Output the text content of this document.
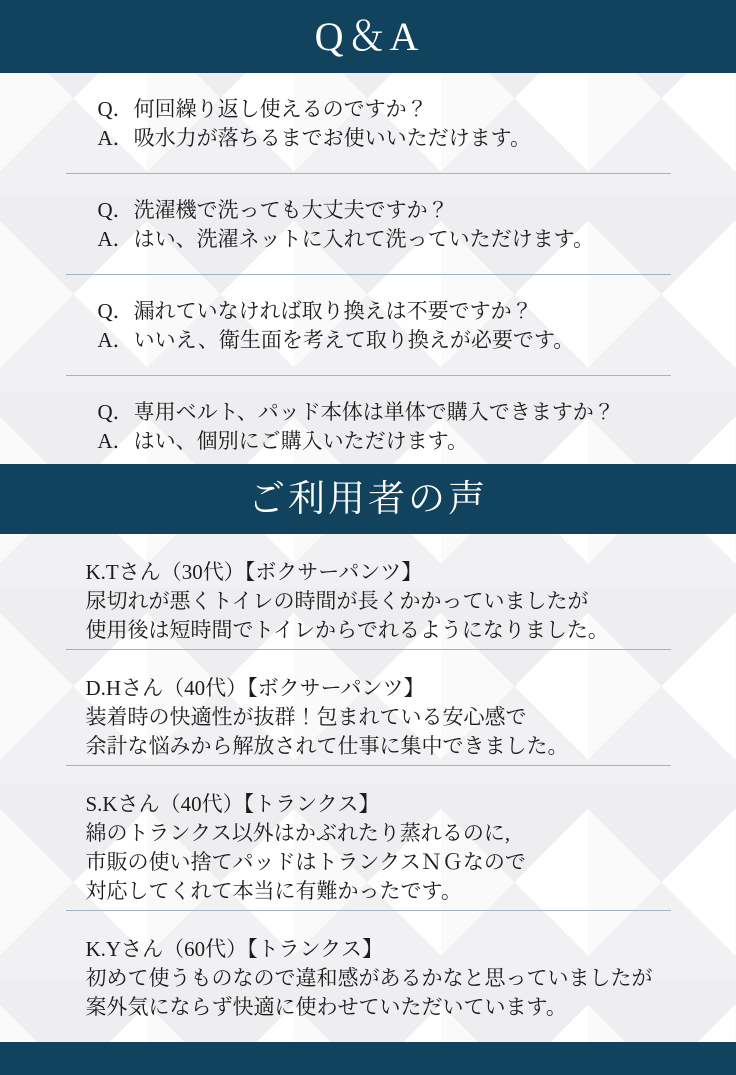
Q＆A
Q．何回繰り返し使えるのですか？
A．吸水力が落ちるまでお使いいただけます。
Q．洗濯機で洗っても大丈夫ですか？
A．はい、洗濯ネットに入れて洗っていただけます。
Q．漏れていなければ取り換えは不要ですか？
A．いいえ、衛生面を考えて取り換えが必要です。
Q．専用ベルト、パッド本体は単体で購入できますか？
A．はい、個別にご購入いただけます。
ご利用者の声
K.Tさん（30代）【ボクサーパンツ】
尿切れが悪くトイレの時間が長くかかっていましたが
使用後は短時間でトイレからでれるようになりました。
D.Hさん（40代）【ボクサーパンツ】
装着時の快適性が抜群！包まれている安心感で
余計な悩みから解放されて仕事に集中できました。
S.Kさん（40代）【トランクス】
綿のトランクス以外はかぶれたり蒸れるのに,
市販の使い捨てパッドはトランクスＮＧなので
対応してくれて本当に有難かったです。
K.Yさん（60代）【トランクス】
初めて使うものなので違和感があるかなと思っていましたが
案外気にならず快適に使わせていただいています。
